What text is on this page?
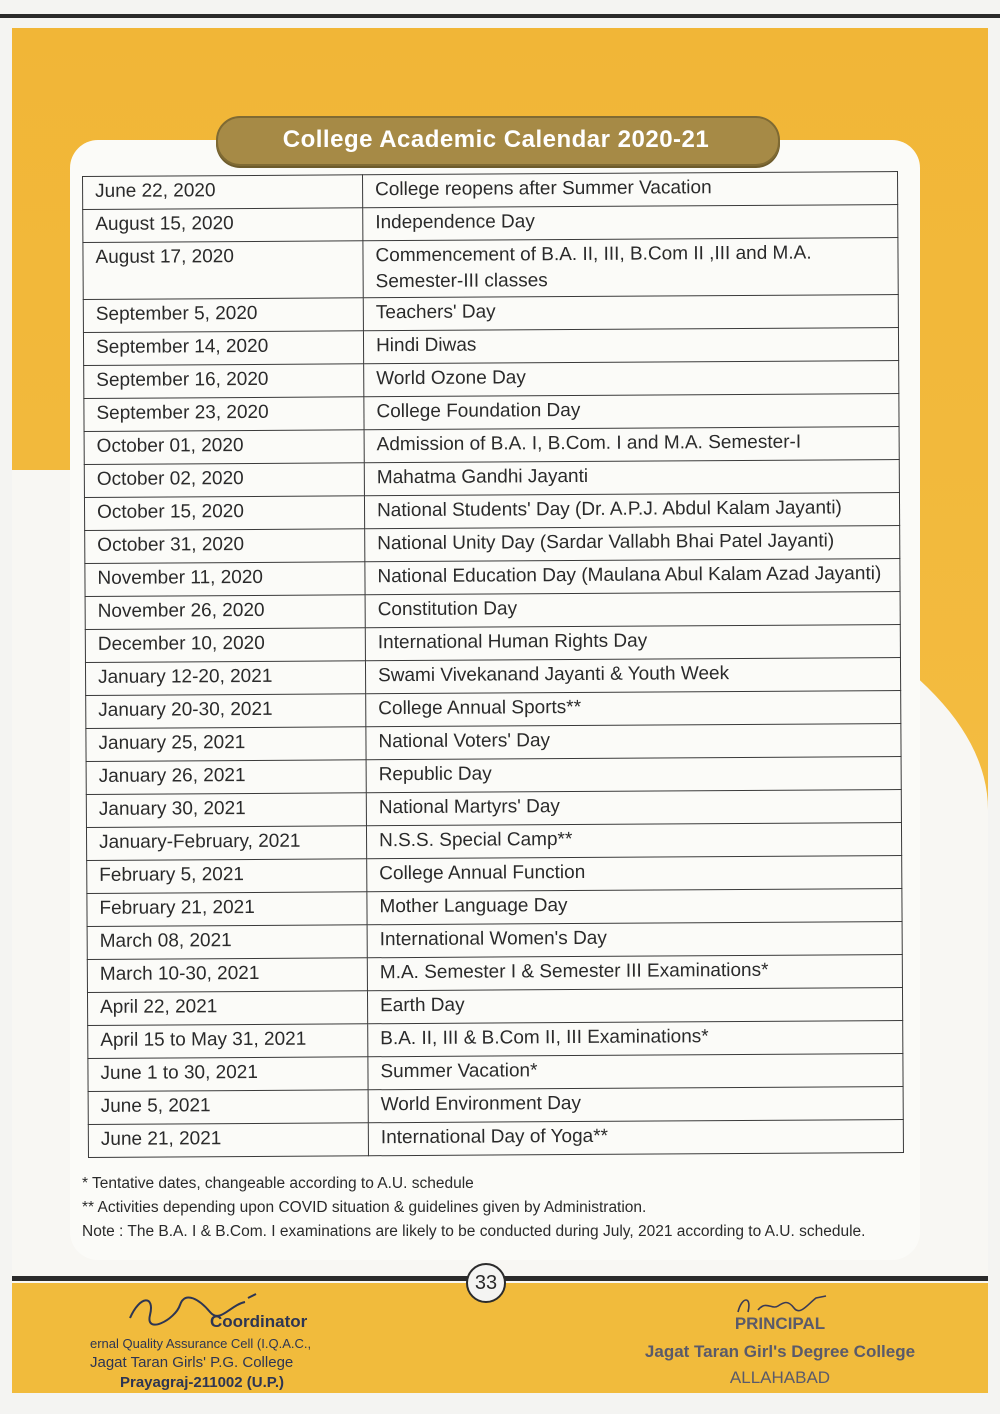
College Academic Calendar 2020-21
June 22, 2020	College reopens after Summer Vacation
August 15, 2020	Independence Day
August 17, 2020	Commencement of B.A. II, III, B.Com II ,III and M.A. Semester-III classes
September 5, 2020	Teachers' Day
September 14, 2020	Hindi Diwas
September 16, 2020	World Ozone Day
September 23, 2020	College Foundation Day
October 01, 2020	Admission of B.A. I, B.Com. I and M.A. Semester-I
October 02, 2020	Mahatma Gandhi Jayanti
October 15, 2020	National Students' Day (Dr. A.P.J. Abdul Kalam Jayanti)
October 31, 2020	National Unity Day (Sardar Vallabh Bhai Patel Jayanti)
November 11, 2020	National Education Day (Maulana Abul Kalam Azad Jayanti)
November 26, 2020	Constitution Day
December 10, 2020	International Human Rights Day
January 12-20, 2021	Swami Vivekanand Jayanti & Youth Week
January 20-30, 2021	College Annual Sports**
January 25, 2021	National Voters' Day
January 26, 2021	Republic Day
January 30, 2021	National Martyrs' Day
January-February, 2021	N.S.S. Special Camp**
February 5, 2021	College Annual Function
February 21, 2021	Mother Language Day
March 08, 2021	International Women's Day
March 10-30, 2021	M.A. Semester I & Semester III Examinations*
April 22, 2021	Earth Day
April 15 to May 31, 2021	B.A. II, III & B.Com II, III Examinations*
June 1 to 30, 2021	Summer Vacation*
June 5, 2021	World Environment Day
June 21, 2021	International Day of Yoga**
* Tentative dates, changeable according to A.U. schedule
** Activities depending upon COVID situation & guidelines given by Administration.
Note : The B.A. I & B.Com. I examinations are likely to be conducted during July, 2021 according to A.U. schedule.
33
Coordinator
ernal Quality Assurance Cell (I.Q.A.C.,
Jagat Taran Girls' P.G. College
Prayagraj-211002 (U.P.)
PRINCIPAL
Jagat Taran Girl's Degree College
ALLAHABAD
